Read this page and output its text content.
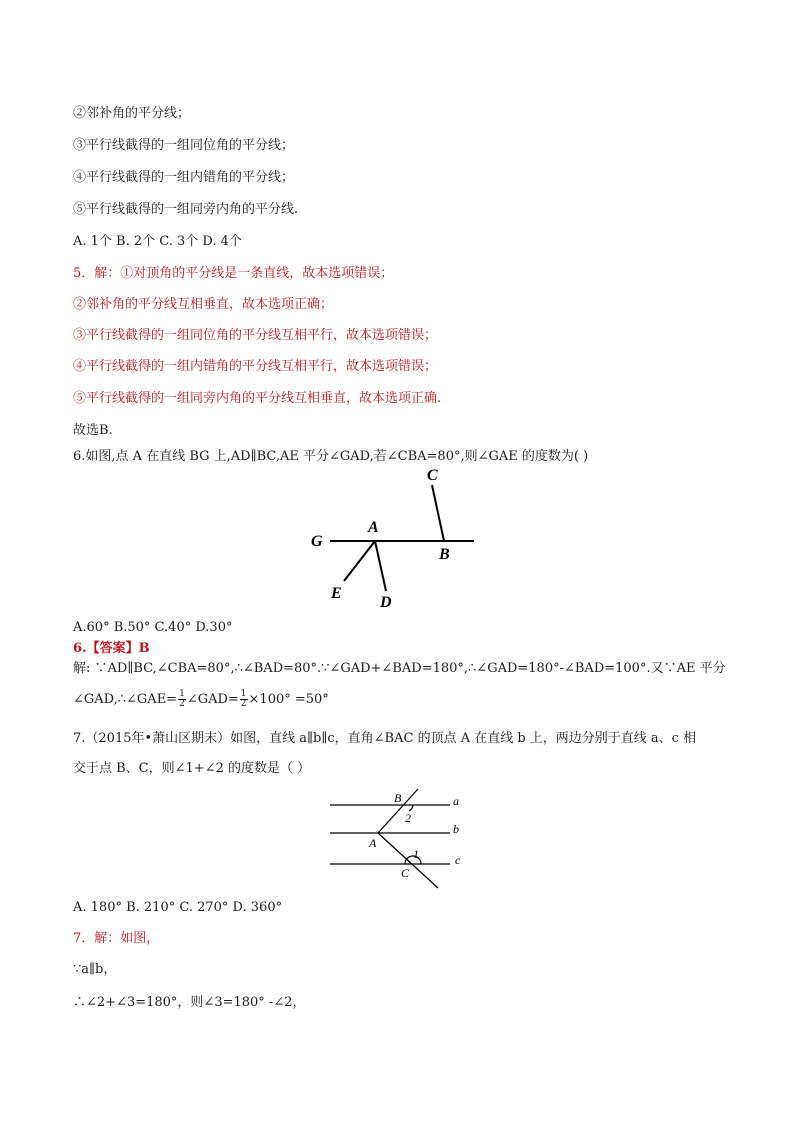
②邻补角的平分线；
③平行线截得的一组同位角的平分线；
④平行线截得的一组内错角的平分线；
⑤平行线截得的一组同旁内角的平分线.
A. 1个 B. 2个 C. 3个 D. 4个
5．解：①对顶角的平分线是一条直线，故本选项错误；
②邻补角的平分线互相垂直，故本选项正确；
③平行线截得的一组同位角的平分线互相平行，故本选项错误；
④平行线截得的一组内错角的平分线互相平行，故本选项错误；
⑤平行线截得的一组同旁内角的平分线互相垂直，故本选项正确.
故选B.
6.如图,点 A 在直线 BG 上,AD∥BC,AE 平分∠GAD,若∠CBA=80°,则∠GAE 的度数为( )
C
G
A
B
E
D
A.60° B.50° C.40° D.30°
6.【答案】B
解: ∵AD∥BC,∠CBA=80°,∴∠BAD=80°.∵∠GAD+∠BAD=180°,∴∠GAD=180°-∠BAD=100°.又∵AE 平分
∠GAD,∴∠GAE= $\frac{1}{2}$ ∠GAD= $\frac{1}{2} \times 100^\circ =50^\circ$
7.（2015年•萧山区期末）如图，直线 a∥b∥c，直角∠BAC 的顶点 A 在直线 b 上，两边分别于直线 a、c 相
交于点 B、C，则∠1+∠2 的度数是（ ）
B	a
2
b
A
1	c
C
A. 180° B. 210° C. 270° D. 360°
7．解：如图，
∵a∥b，
∴∠2+∠3=180°，则∠3=180° -∠2，
